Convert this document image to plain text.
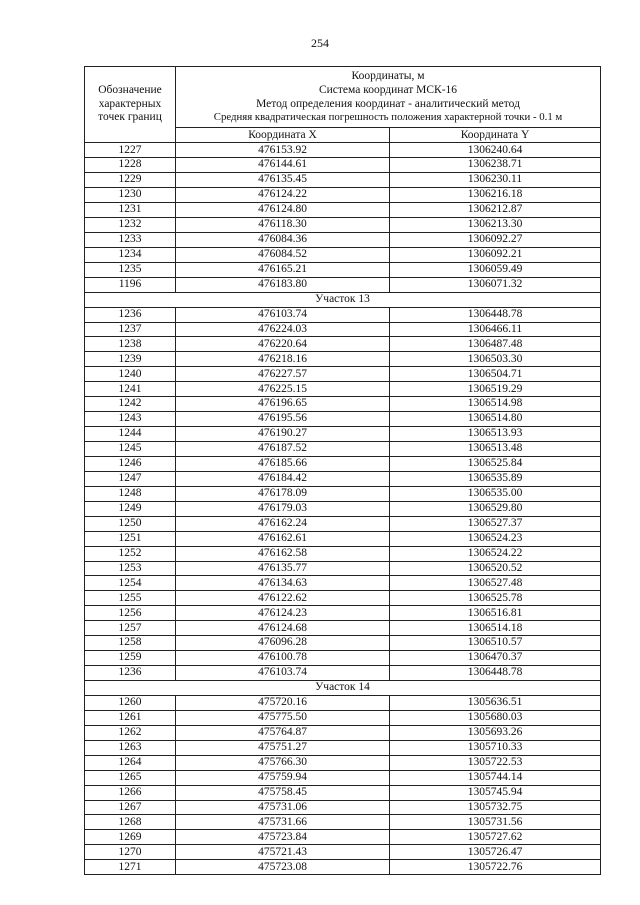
254
Обозначение
характерных
точек границ	Координаты, м
Система координат МСК-16
Метод определения координат - аналитический метод
Средняя квадратическая погрешность положения характерной точки - 0.1 м	

	Координата X	Координата Y
1227	476153.92	1306240.64
1228	476144.61	1306238.71
1229	476135.45	1306230.11
1230	476124.22	1306216.18
1231	476124.80	1306212.87
1232	476118.30	1306213.30
1233	476084.36	1306092.27
1234	476084.52	1306092.21
1235	476165.21	1306059.49
1196	476183.80	1306071.32
Участок 13		
1236	476103.74	1306448.78
1237	476224.03	1306466.11
1238	476220.64	1306487.48
1239	476218.16	1306503.30
1240	476227.57	1306504.71
1241	476225.15	1306519.29
1242	476196.65	1306514.98
1243	476195.56	1306514.80
1244	476190.27	1306513.93
1245	476187.52	1306513.48
1246	476185.66	1306525.84
1247	476184.42	1306535.89
1248	476178.09	1306535.00
1249	476179.03	1306529.80
1250	476162.24	1306527.37
1251	476162.61	1306524.23
1252	476162.58	1306524.22
1253	476135.77	1306520.52
1254	476134.63	1306527.48
1255	476122.62	1306525.78
1256	476124.23	1306516.81
1257	476124.68	1306514.18
1258	476096.28	1306510.57
1259	476100.78	1306470.37
1236	476103.74	1306448.78
Участок 14		
1260	475720.16	1305636.51
1261	475775.50	1305680.03
1262	475764.87	1305693.26
1263	475751.27	1305710.33
1264	475766.30	1305722.53
1265	475759.94	1305744.14
1266	475758.45	1305745.94
1267	475731.06	1305732.75
1268	475731.66	1305731.56
1269	475723.84	1305727.62
1270	475721.43	1305726.47
1271	475723.08	1305722.76
